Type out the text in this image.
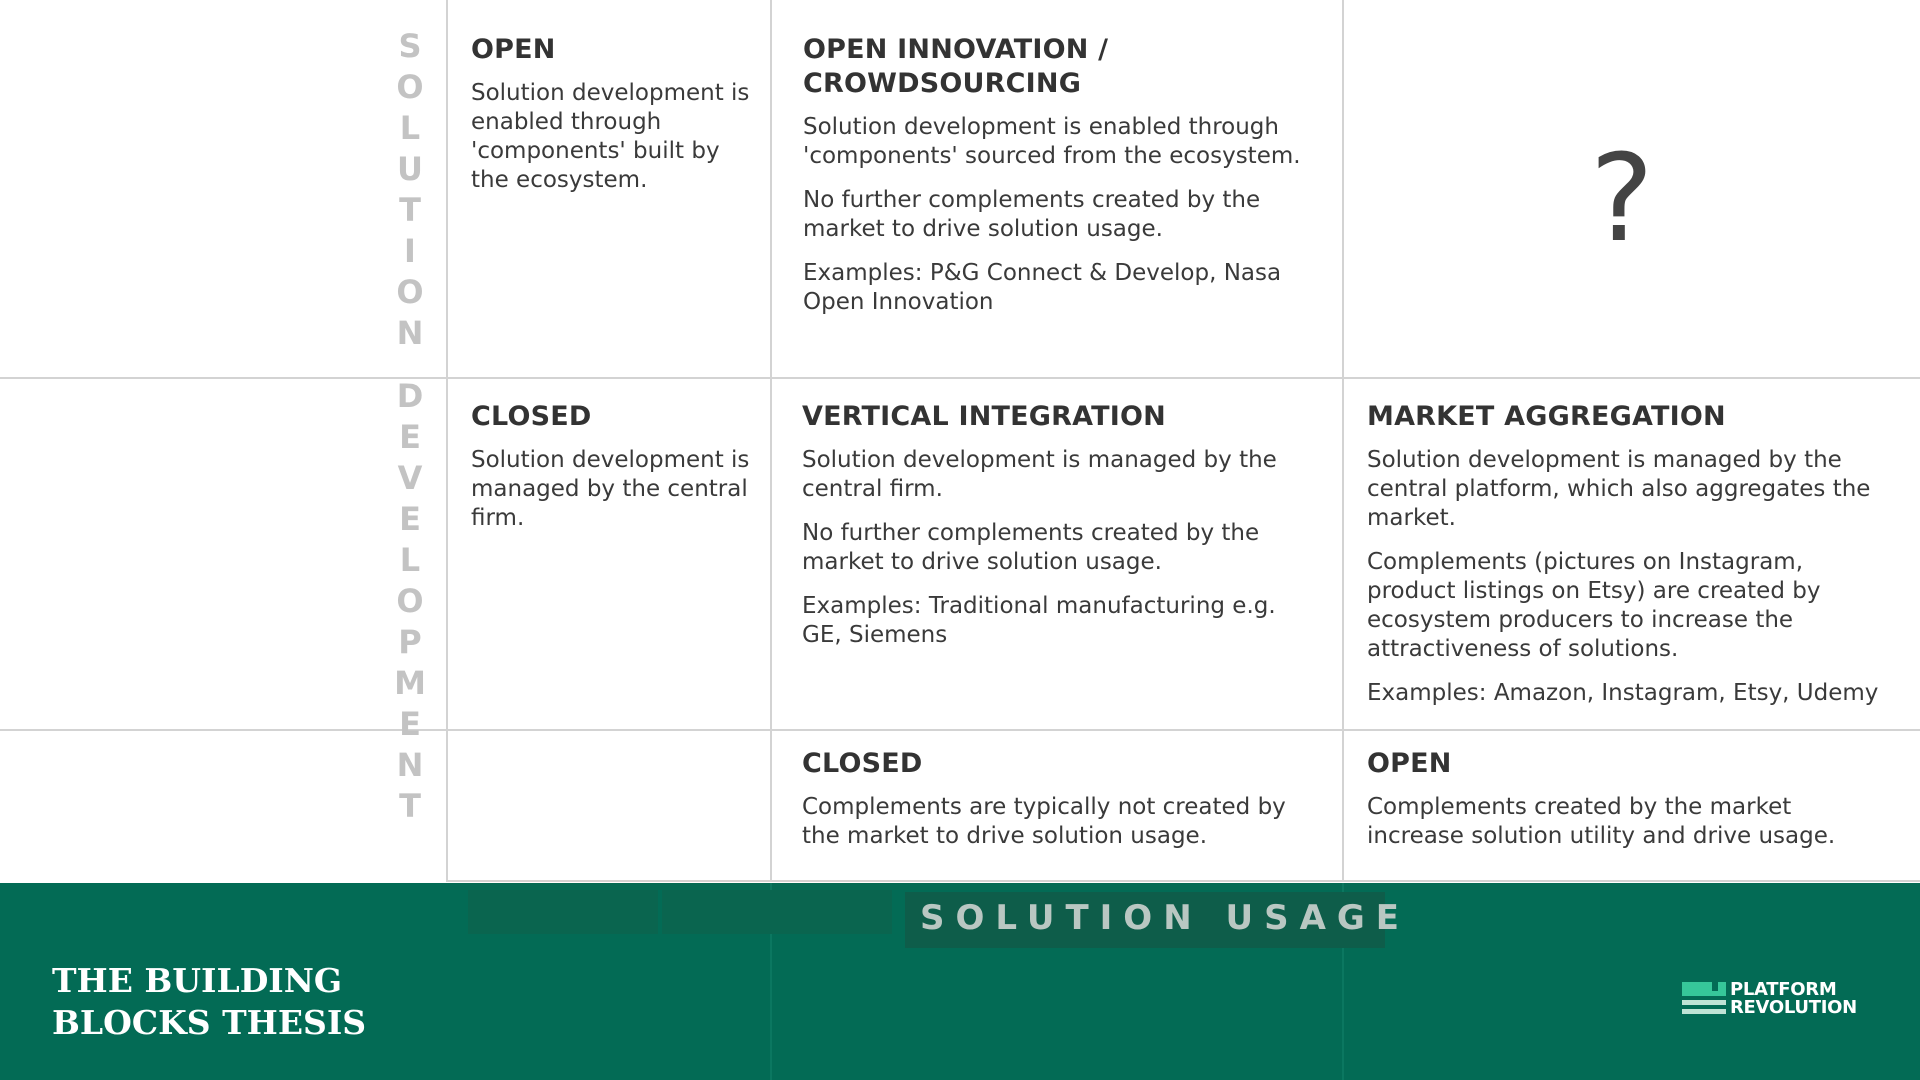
S
O
L
U
T
I
O
N
D
E
V
E
L
O
P
M
E
N
T
OPEN

Solution development is enabled through 'components' built by the ecosystem.

OPEN INNOVATION / CROWDSOURCING

Solution development is enabled through 'components' sourced from the ecosystem.

No further complements created by the market to drive solution usage.

Examples: P&G Connect & Develop, Nasa Open Innovation

?
CLOSED

Solution development is managed by the central firm.

VERTICAL INTEGRATION

Solution development is managed by the central firm.

No further complements created by the market to drive solution usage.

Examples: Traditional manufacturing e.g. GE, Siemens

MARKET AGGREGATION

Solution development is managed by the central platform, which also aggregates the market.

Complements (pictures on Instagram, product listings on Etsy) are created by ecosystem producers to increase the attractiveness of solutions.

Examples: Amazon, Instagram, Etsy, Udemy

CLOSED

Complements are typically not created by the market to drive solution usage.

OPEN

Complements created by the market increase solution utility and drive usage.

SOLUTION USAGE
THE BUILDING
BLOCKS THESIS
PLATFORM
REVOLUTION
